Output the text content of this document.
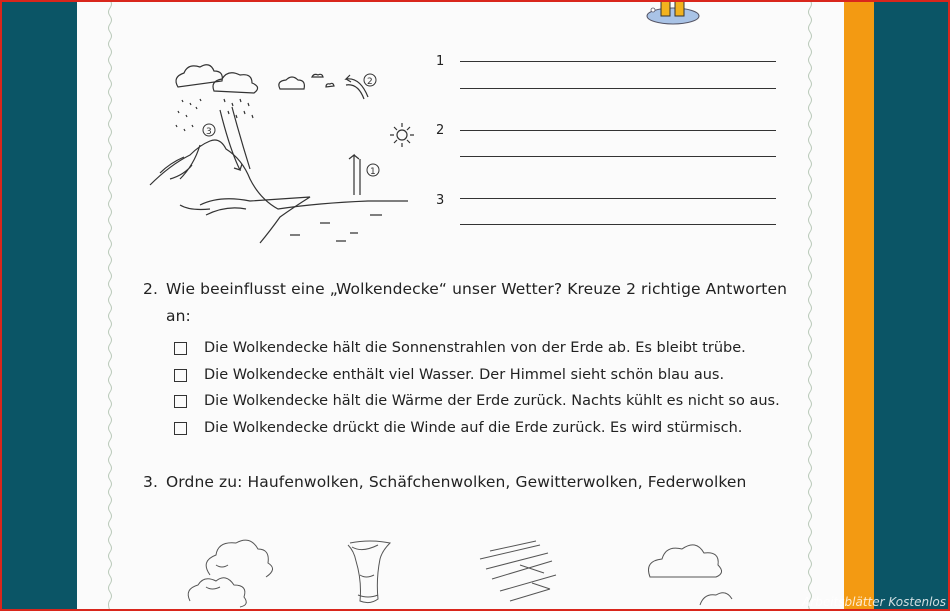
2
3
1
1
2
3
2. Wie beeinflusst eine „Wolkendecke“ unser Wetter? Kreuze 2 richtige Antworten
an:
Die Wolkendecke hält die Sonnenstrahlen von der Erde ab. Es bleibt trübe.
Die Wolkendecke enthält viel Wasser. Der Himmel sieht schön blau aus.
Die Wolkendecke hält die Wärme der Erde zurück. Nachts kühlt es nicht so aus.
Die Wolkendecke drückt die Winde auf die Erde zurück. Es wird stürmisch.
3. Ordne zu: Haufenwolken, Schäfchenwolken, Gewitterwolken, Federwolken
Arbeitsblätter Kostenlos
